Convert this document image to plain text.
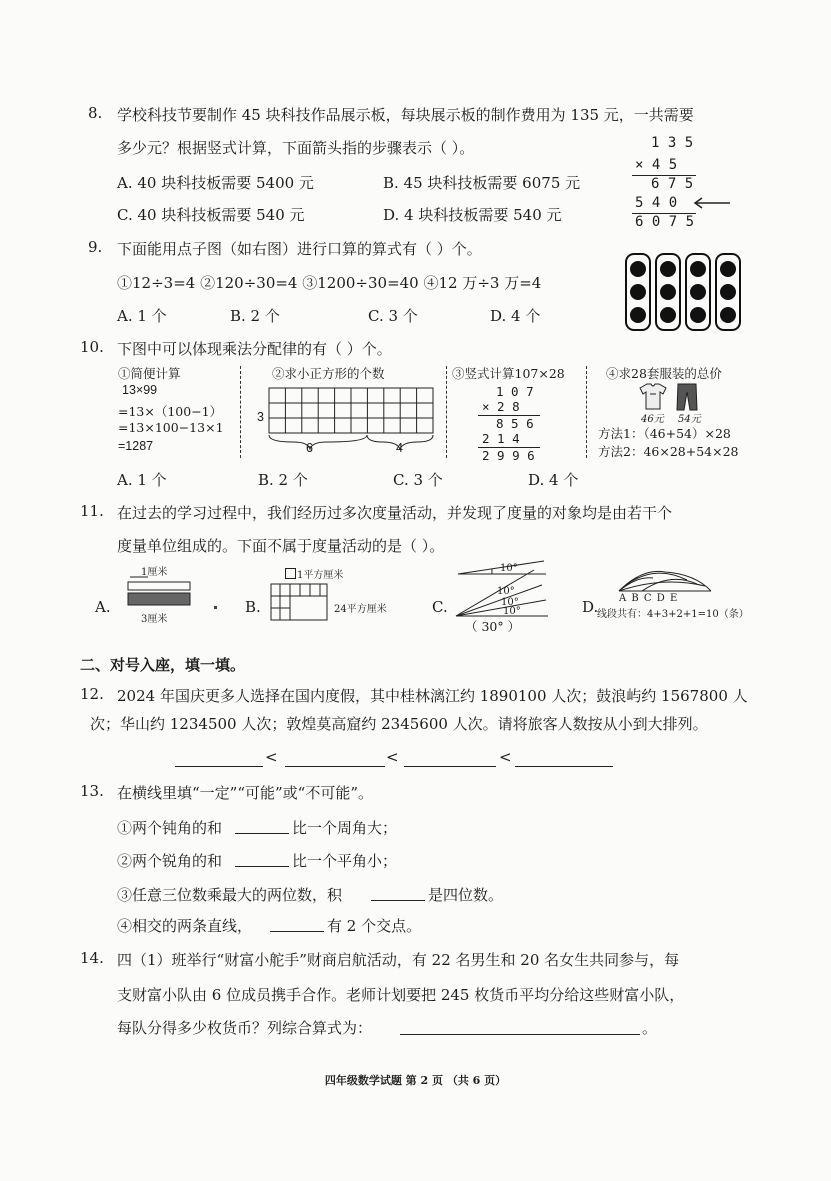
8. 学校科技节要制作 45 块科技作品展示板，每块展示板的制作费用为 135 元，一共需要
多少元？根据竖式计算，下面箭头指的步骤表示（ ）。
A. 40 块科技板需要 5400 元	B. 45 块科技板需要 6075 元
C. 40 块科技板需要 540 元	D. 4 块科技板需要 540 元
1 3 5
× 4 5
6 7 5
5 4 0
6 0 7 5
9. 下面能用点子图（如右图）进行口算的算式有（ ）个。
①12÷3=4 ②120÷30=4 ③1200÷30=40 ④12 万÷3 万=4
A. 1 个	B. 2 个	C. 3 个	D. 4 个
10. 下图中可以体现乘法分配律的有（ ）个。
①简便计算
13×99
=13×（100−1）
=13×100−13×1
=1287
②求小正方形的个数
3
6	4
③竖式计算107×28
1 0 7
× 2 8
8 5 6
2 1 4
2 9 9 6
④求28套服装的总价
46元 54元
方法1：（46+54）×28
方法2：46×28+54×28
A. 1 个	B. 2 个	C. 3 个	D. 4 个
11. 在过去的学习过程中，我们经历过多次度量活动，并发现了度量的对象均是由若干个
度量单位组成的。下面不属于度量活动的是（ ）。
A.
1厘米
3厘米
B.
1平方厘米
24平方厘米	C.
10°
10°
10°
10°
（ 30° ）
D. A B C D E
线段共有：4+3+2+1=10（条）
二、对号入座，填一填。
12. 2024 年国庆更多人选择在国内度假，其中桂林漓江约 1890100 人次；鼓浪屿约 1567800 人
次；华山约 1234500 人次；敦煌莫高窟约 2345600 人次。请将旅客人数按从小到大排列。
<	<	<
13. 在横线里填“一定”“可能”或“不可能”。
①两个钝角的和	比一个周角大；
②两个锐角的和	比一个平角小；
③任意三位数乘最大的两位数，积	是四位数。
④相交的两条直线，	有 2 个交点。
14. 四（1）班举行“财富小舵手”财商启航活动，有 22 名男生和 20 名女生共同参与，每
支财富小队由 6 位成员携手合作。老师计划要把 245 枚货币平均分给这些财富小队，
每队分得多少枚货币？列综合算式为：	。
四年级数学试题 第 2 页 （共 6 页）
